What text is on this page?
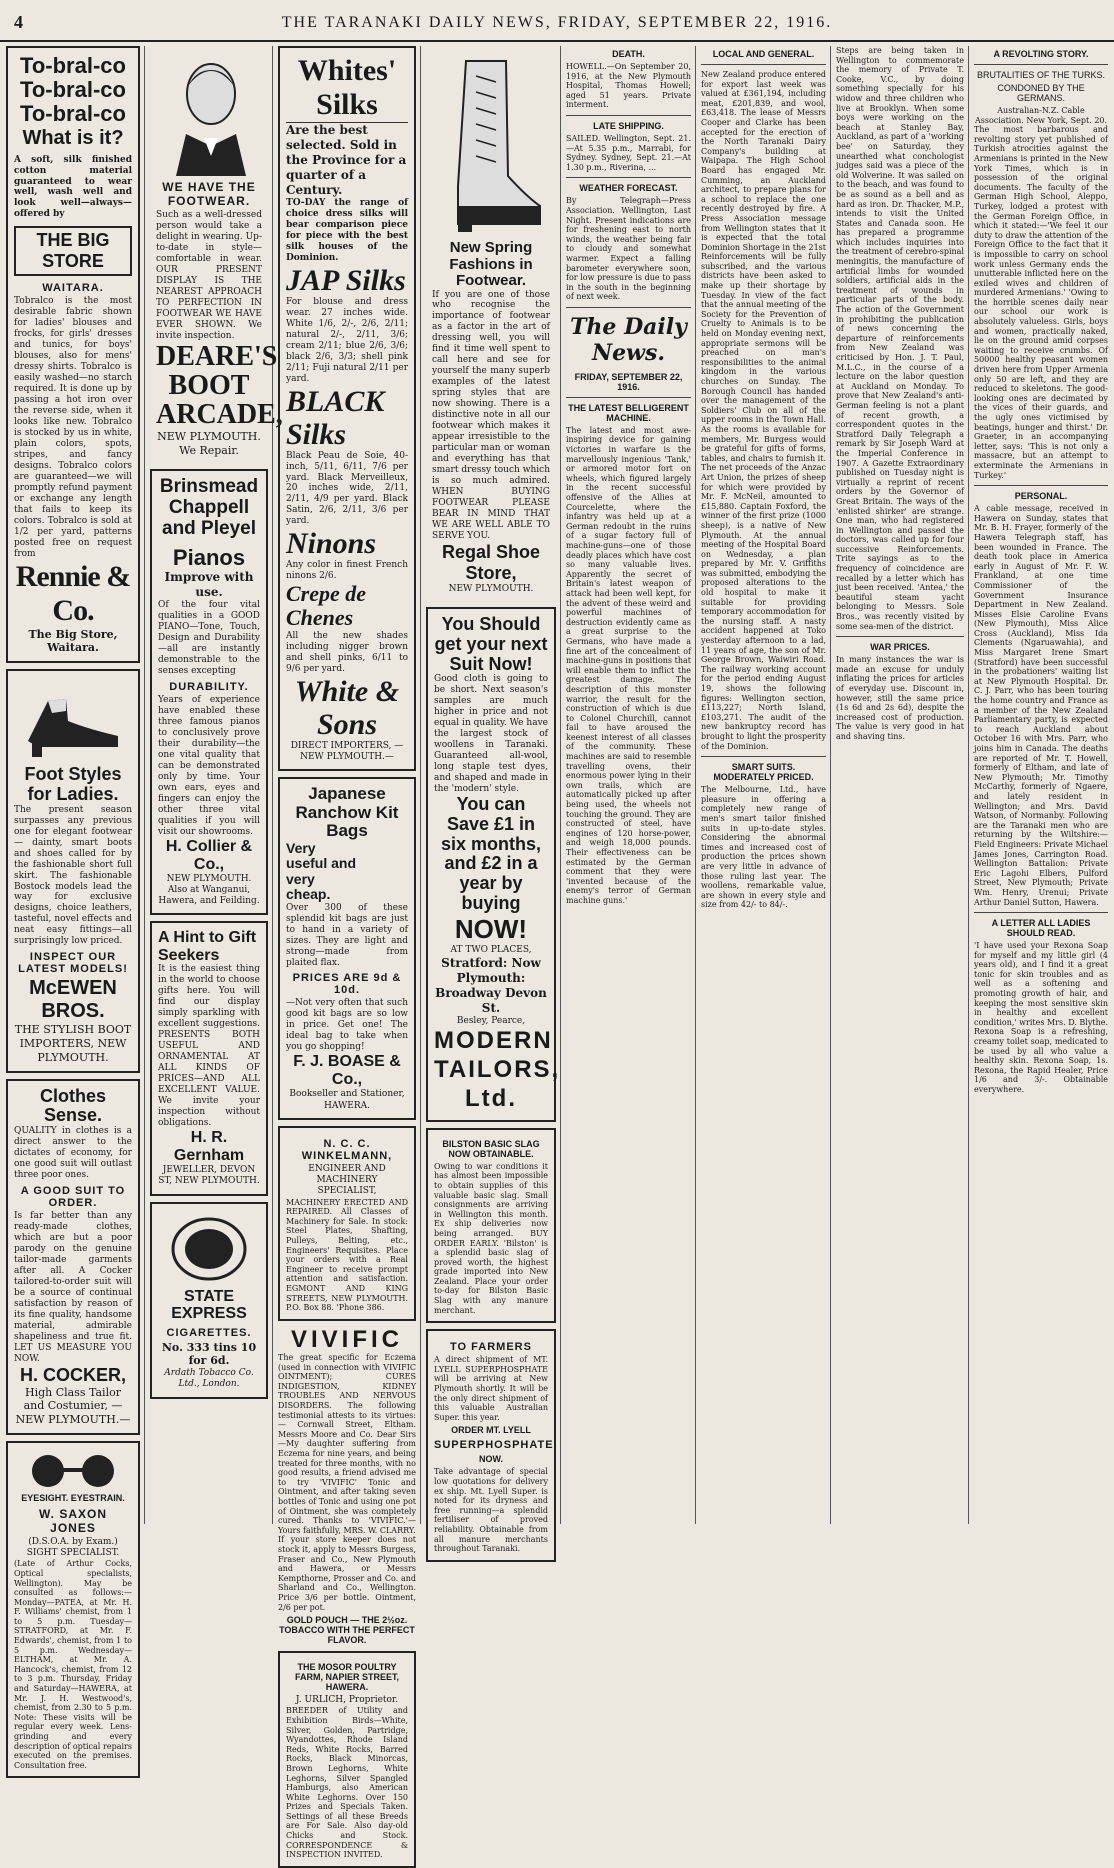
4	THE TARANAKI DAILY NEWS, FRIDAY, SEPTEMBER 22, 1916.
To-bral-co
To-bral-co
To-bral-co
What is it?
A soft, silk finished cotton material guaranteed to wear well, wash well and look well—always—offered by
THE BIG STORE
WAITARA.
Tobralco is the most desirable fabric shown for ladies' blouses and frocks, for girls' dresses and tunics, for boys' blouses, also for mens' dressy shirts. Tobralco is easily washed—no starch required. It is done up by passing a hot iron over the reverse side, when it looks like new. Tobralco is stocked by us in white, plain colors, spots, stripes, and fancy designs. Tobralco colors are guaranteed—we will promptly refund payment or exchange any length that fails to keep its colors. Tobralco is sold at 1/2 per yard, patterns posted free on request from
Rennie & Co.
The Big Store, Waitara.
Foot Styles for Ladies.
The present season surpasses any previous one for elegant footwear — dainty, smart boots and shoes called for by the fashionable short full skirt. The fashionable Bostock models lead the way for exclusive designs, choice leathers, tasteful, novel effects and neat easy fittings—all surprisingly low priced.
INSPECT OUR LATEST MODELS!
McEWEN BROS.
THE STYLISH BOOT IMPORTERS, NEW PLYMOUTH.
Clothes Sense.
QUALITY in clothes is a direct answer to the dictates of economy, for one good suit will outlast three poor ones.
A GOOD SUIT TO ORDER.
Is far better than any ready-made clothes, which are but a poor parody on the genuine tailor-made garments after all. A Cocker tailored-to-order suit will be a source of continual satisfaction by reason of its fine quality, handsome material, admirable shapeliness and true fit. LET US MEASURE YOU NOW.
H. COCKER,
High Class Tailor and Costumier, —NEW PLYMOUTH.—
EYESIGHT. EYESTRAIN.
W. SAXON JONES
(D.S.O.A. by Exam.) SIGHT SPECIALIST.
(Late of Arthur Cocks, Optical specialists, Wellington). May be consulted as follows:— Monday—PATEA, at Mr. H. F. Williams' chemist, from 1 to 5 p.m. Tuesday—STRATFORD, at Mr. F. Edwards', chemist, from 1 to 5 p.m. Wednesday—ELTHAM, at Mr. A. Hancock's, chemist, from 12 to 3 p.m. Thursday, Friday and Saturday—HAWERA, at Mr. J. H. Westwood's, chemist, from 2.30 to 5 p.m. Note: These visits will be regular every week. Lens-grinding and every description of optical repairs executed on the premises. Consultation free.
WE HAVE THE FOOTWEAR.
Such as a well-dressed person would take a delight in wearing. Up-to-date in style—comfortable in wear. OUR PRESENT DISPLAY IS THE NEAREST APPROACH TO PERFECTION IN FOOTWEAR WE HAVE EVER SHOWN. We invite inspection.
DEARE'S BOOT ARCADE,
NEW PLYMOUTH. We Repair.
Brinsmead Chappell and Pleyel
Pianos
Improve with use.
Of the four vital qualities in a GOOD PIANO—Tone, Touch, Design and Durability—all are instantly demonstrable to the senses excepting
DURABILITY.
Years of experience have enabled these three famous pianos to conclusively prove their durability—the one vital quality that can be demonstrated only by time. Your own ears, eyes and fingers can enjoy the other three vital qualities if you will visit our showrooms.
H. Collier & Co.,
NEW PLYMOUTH. Also at Wanganui, Hawera, and Feilding.
A Hint to Gift Seekers
It is the easiest thing in the world to choose gifts here. You will find our display simply sparkling with excellent suggestions. PRESENTS BOTH USEFUL AND ORNAMENTAL AT ALL KINDS OF PRICES—AND ALL EXCELLENT VALUE. We invite your inspection without obligations.
H. R. Gernham
JEWELLER, DEVON ST, NEW PLYMOUTH.
STATE EXPRESS
CIGARETTES.
No. 333 tins 10 for 6d.
Ardath Tobacco Co. Ltd., London.
Whites' Silks
Are the best selected. Sold in the Province for a quarter of a Century.
TO-DAY the range of choice dress silks will bear comparison piece for piece with the best silk houses of the Dominion.
JAP Silks
For blouse and dress wear. 27 inches wide. White 1/6, 2/-, 2/6, 2/11; natural 2/-, 2/11, 3/6; cream 2/11; blue 2/6, 3/6; black 2/6, 3/3; shell pink 2/11; Fuji natural 2/11 per yard.
BLACK Silks
Black Peau de Soie, 40-inch, 5/11, 6/11, 7/6 per yard. Black Merveilleux, 20 inches wide, 2/11, 2/11, 4/9 per yard. Black Satin, 2/6, 2/11, 3/6 per yard.
Ninons
Any color in finest French ninons 2/6.
Crepe de Chenes
All the new shades including nigger brown and shell pinks, 6/11 to 9/6 per yard.
White & Sons
DIRECT IMPORTERS, —NEW PLYMOUTH.—
Japanese Ranchow Kit Bags
Very useful and very cheap.
Over 300 of these splendid kit bags are just to hand in a variety of sizes. They are light and strong—made from plaited flax.
PRICES ARE 9d & 10d.
—Not very often that such good kit bags are so low in price. Get one! The ideal bag to take when you go shopping!
F. J. BOASE & Co.,
Bookseller and Stationer, HAWERA.
N. C. C. WINKELMANN,
ENGINEER AND MACHINERY SPECIALIST,
MACHINERY ERECTED AND REPAIRED. All Classes of Machinery for Sale. In stock: Steel Plates, Shafting, Pulleys, Belting, etc., Engineers' Requisites. Place your orders with a Real Engineer to receive prompt attention and satisfaction. EGMONT AND KING STREETS, NEW PLYMOUTH. P.O. Box 88. 'Phone 386.
VIVIFIC
The great specific for Eczema (used in connection with VIVIFIC OINTMENT); CURES INDIGESTION, KIDNEY TROUBLES AND NERVOUS DISORDERS. The following testimonial attests to its virtues:— Cornwall Street, Eltham. Messrs Moore and Co. Dear Sirs—My daughter suffering from Eczema for nine years, and being treated for three months, with no good results, a friend advised me to try 'VIVIFIC' Tonic and Ointment, and after taking seven bottles of Tonic and using one pot of Ointment, she was completely cured. Thanks to 'VIVIFIC.'—Yours faithfully, MRS. W. CLARRY.
If your store keeper does not stock it, apply to Messrs Burgess, Fraser and Co., New Plymouth and Hawera, or Messrs Kempthorne, Prosser and Co. and Sharland and Co., Wellington. Price 3/6 per bottle. Ointment, 2/6 per pot.
GOLD POUCH — THE 2½oz. TOBACCO WITH THE PERFECT FLAVOR.
THE MOSOR POULTRY FARM, NAPIER STREET, HAWERA.
J. URLICH, Proprietor.
BREEDER of Utility and Exhibition Birds—White, Silver, Golden, Partridge, Wyandottes, Rhode Island Reds, White Rocks, Barred Rocks, Black Minorcas, Brown Leghorns, White Leghorns, Silver Spangled Hamburgs, also American White Leghorns. Over 150 Prizes and Specials Taken. Settings of all these Breeds are For Sale. Also day-old Chicks and Stock. CORRESPONDENCE & INSPECTION INVITED.
New Spring Fashions in Footwear.
If you are one of those who recognise the importance of footwear as a factor in the art of dressing well, you will find it time well spent to call here and see for yourself the many superb examples of the latest spring styles that are now showing. There is a distinctive note in all our footwear which makes it appear irresistible to the particular man or woman and everything has that smart dressy touch which is so much admired. WHEN BUYING FOOTWEAR PLEASE BEAR IN MIND THAT WE ARE WELL ABLE TO SERVE YOU.
Regal Shoe Store,
NEW PLYMOUTH.
You Should get your next Suit Now!
Good cloth is going to be short. Next season's samples are much higher in price and not equal in quality. We have the largest stock of woollens in Taranaki. Guaranteed all-wool, long staple test dyes, and shaped and made in the 'modern' style.
You can Save £1 in six months, and £2 in a year by buying
NOW!
AT TWO PLACES,
Stratford: Now Plymouth: Broadway Devon St.
Besley, Pearce,
MODERN TAILORS, Ltd.
BILSTON BASIC SLAG NOW OBTAINABLE.
Owing to war conditions it has almost been impossible to obtain supplies of this valuable basic slag. Small consignments are arriving in Wellington this month. Ex ship deliveries now being arranged. BUY ORDER EARLY. 'Bilston' is a splendid basic slag of proved worth, the highest grade imported into New Zealand. Place your order to-day for Bilston Basic Slag with any manure merchant.
TO FARMERS
A direct shipment of MT. LYELL SUPERPHOSPHATE will be arriving at New Plymouth shortly. It will be the only direct shipment of this valuable Australian Super. this year.
ORDER MT. LYELL
SUPERPHOSPHATE
NOW.
Take advantage of special low quotations for delivery ex ship. Mt. Lyell Super. is noted for its dryness and free running—a splendid fertiliser of proved reliability. Obtainable from all manure merchants throughout Taranaki.
DEATH.
HOWELL.—On September 20, 1916, at the New Plymouth Hospital, Thomas Howell; aged 51 years. Private interment.
LATE SHIPPING.
SAILED. Wellington, Sept. 21.—At 5.35 p.m., Marrabi, for Sydney. Sydney, Sept. 21.—At 1.30 p.m., Riverina, ...
WEATHER FORECAST.
By Telegraph—Press Association. Wellington, Last Night. Present indications are for freshening east to north winds, the weather being fair to cloudy and somewhat warmer. Expect a falling barometer everywhere soon, for low pressure is due to pass in the south in the beginning of next week.
The Daily News.
FRIDAY, SEPTEMBER 22, 1916.
THE LATEST BELLIGERENT MACHINE.
The latest and most awe-inspiring device for gaining victories in warfare is the marvellously ingenious 'Tank,' or armored motor fort on wheels, which figured largely in the recent successful offensive of the Allies at Courcelette, where the infantry was held up at a German redoubt in the ruins of a sugar factory full of machine-guns—one of those deadly places which have cost so many valuable lives. Apparently the secret of Britain's latest weapon of attack had been well kept, for the advent of these weird and powerful machines of destruction evidently came as a great surprise to the Germans, who have made a fine art of the concealment of machine-guns in positions that will enable them to inflict the greatest damage. The description of this monster warrior, the result for the construction of which is due to Colonel Churchill, cannot fail to have aroused the keenest interest of all classes of the community. These machines are said to resemble travelling ovens, their enormous power lying in their own trails, which are automatically picked up after being used, the wheels not touching the ground. They are constructed of steel, have engines of 120 horse-power, and weigh 18,000 pounds. Their effectiveness can be estimated by the German comment that they were 'invented because of the enemy's terror of German machine guns.'
LOCAL AND GENERAL.
New Zealand produce entered for export last week was valued at £361,194, including meat, £201,839, and wool, £63,418. The lease of Messrs Cooper and Clarke has been accepted for the erection of the North Taranaki Dairy Company's building at Waipapa. The High School Board has engaged Mr. Cumming, an Auckland architect, to prepare plans for a school to replace the one recently destroyed by fire. A Press Association message from Wellington states that it is expected that the total Dominion Shortage in the 21st Reinforcements will be fully subscribed, and the various districts have been asked to make up their shortage by Tuesday. In view of the fact that the annual meeting of the Society for the Prevention of Cruelty to Animals is to be held on Monday evening next, appropriate sermons will be preached on man's responsibilities to the animal kingdom in the various churches on Sunday. The Borough Council has handed over the management of the Soldiers' Club on all of the upper rooms in the Town Hall. As the rooms is available for members, Mr. Burgess would be grateful for gifts of forms, tables, and chairs to furnish it. The net proceeds of the Anzac Art Union, the prizes of sheep for which were provided by Mr. F. McNeil, amounted to £15,880. Captain Foxford, the winner of the first prize (1000 sheep), is a native of New Plymouth. At the annual meeting of the Hospital Board on Wednesday, a plan prepared by Mr. V. Griffiths was submitted, embodying the proposed alterations to the old hospital to make it suitable for providing temporary accommodation for the nursing staff. A nasty accident happened at Toko yesterday afternoon to a lad, 11 years of age, the son of Mr. George Brown, Waiwiri Road. The railway working account for the period ending August 19, shows the following figures: Wellington section, £113,227; North Island, £103,271. The audit of the new bankruptcy record has brought to light the prosperity of the Dominion.
SMART SUITS. MODERATELY PRICED.
The Melbourne, Ltd., have pleasure in offering a completely new range of men's smart tailor finished suits in up-to-date styles. Considering the abnormal times and increased cost of production the prices shown are very little in advance of those ruling last year. The woollens, remarkable value, are shown in every style and size from 42/- to 84/-.
Steps are being taken in Wellington to commemorate the memory of Private T. Cooke, V.C., by doing something specially for his widow and three children who live at Brooklyn. When some boys were working on the beach at Stanley Bay, Auckland, as part of a 'working bee' on Saturday, they unearthed what conchologist judges said was a piece of the old Wolverine. It was sailed on to the beach, and was found to be as sound as a bell and as hard as iron. Dr. Thacker, M.P., intends to visit the United States and Canada soon. He has prepared a programme which includes inquiries into the treatment of cerebro-spinal meningitis, the manufacture of artificial limbs for wounded soldiers, artificial aids in the treatment of wounds in particular parts of the body. The action of the Government in prohibiting the publication of news concerning the departure of reinforcements from New Zealand was criticised by Hon. J. T. Paul, M.L.C., in the course of a lecture on the labor question at Auckland on Monday. To prove that New Zealand's anti-German feeling is not a plant of recent growth, a correspondent quotes in the Stratford Daily Telegraph a remark by Sir Joseph Ward at the Imperial Conference in 1907. A Gazette Extraordinary published on Tuesday night is virtually a reprint of recent orders by the Governor of Great Britain. The ways of the 'enlisted shirker' are strange. One man, who had registered in Wellington and passed the doctors, was called up for four successive Reinforcements. Trite sayings as to the frequency of coincidence are recalled by a letter which has just been received. 'Antea,' the beautiful steam yacht belonging to Messrs. Sole Bros., was recently visited by some sea-men of the district.
WAR PRICES.
In many instances the war is made an excuse for unduly inflating the prices for articles of everyday use. Discount in, however, still the same price (1s 6d and 2s 6d), despite the increased cost of production. The value is very good in hat and shaving tins.
A REVOLTING STORY.
BRUTALITIES OF THE TURKS.
CONDONED BY THE GERMANS.
Australian-N.Z. Cable Association. New York, Sept. 20.
The most barbarous and revolting story yet published of Turkish atrocities against the Armenians is printed in the New York Times, which is in possession of the original documents. The faculty of the German High School, Aleppo, Turkey, lodged a protest with the German Foreign Office, in which it stated:—'We feel it our duty to draw the attention of the Foreign Office to the fact that it is impossible to carry on school work unless Germany ends the unutterable inflicted here on the exiled wives and children of murdered Armenians.' 'Owing to the horrible scenes daily near our school our work is absolutely valueless. Girls, boys and women, practically naked, lie on the ground amid corpses waiting to receive crumbs. Of 50000 healthy peasant women driven here from Upper Armenia only 50 are left, and they are reduced to skeletons. The good-looking ones are decimated by the vices of their guards, and the ugly ones victimised by beatings, hunger and thirst.' Dr. Graeter, in an accompanying letter, says: 'This is not only a massacre, but an attempt to exterminate the Armenians in Turkey.'
PERSONAL.
A cable message, received in Hawera on Sunday, states that Mr. B. H. Frayer, formerly of the Hawera Telegraph staff, has been wounded in France. The death took place in America early in August of Mr. F. W. Frankland, at one time Commissioner of the Government Insurance Department in New Zealand. Misses Elsie Caroline Evans (New Plymouth), Miss Alice Cross (Auckland), Miss Ida Clements (Ngaruawahia), and Miss Margaret Irene Smart (Stratford) have been successful in the probationers' waiting list at New Plymouth Hospital. Dr. C. J. Parr, who has been touring the home country and France as a member of the New Zealand Parliamentary party, is expected to reach Auckland about October 16 with Mrs. Parr, who joins him in Canada. The deaths are reported of Mr. T. Howell, formerly of Eltham, and late of New Plymouth; Mr. Timothy McCarthy, formerly of Ngaere, and lately resident in Wellington; and Mrs. David Watson, of Normanby. Following are the Taranaki men who are returning by the Wiltshire:—Field Engineers: Private Michael James Jones, Carrington Road. Wellington Battalion: Private Eric Lagohi Elbers, Pulford Street, New Plymouth; Private Wm. Henry, Urenui; Private Arthur Daniel Sutton, Hawera.
A LETTER ALL LADIES SHOULD READ.
'I have used your Rexona Soap for myself and my little girl (4 years old), and I find it a great tonic for skin troubles and as well as a softening and promoting growth of hair, and keeping the most sensitive skin in healthy and excellent condition,' writes Mrs. D. Blythe. Rexona Soap is a refreshing, creamy toilet soap, medicated to be used by all who value a healthy skin. Rexona Soap, 1s. Rexona, the Rapid Healer, Price 1/6 and 3/-. Obtainable everywhere.
